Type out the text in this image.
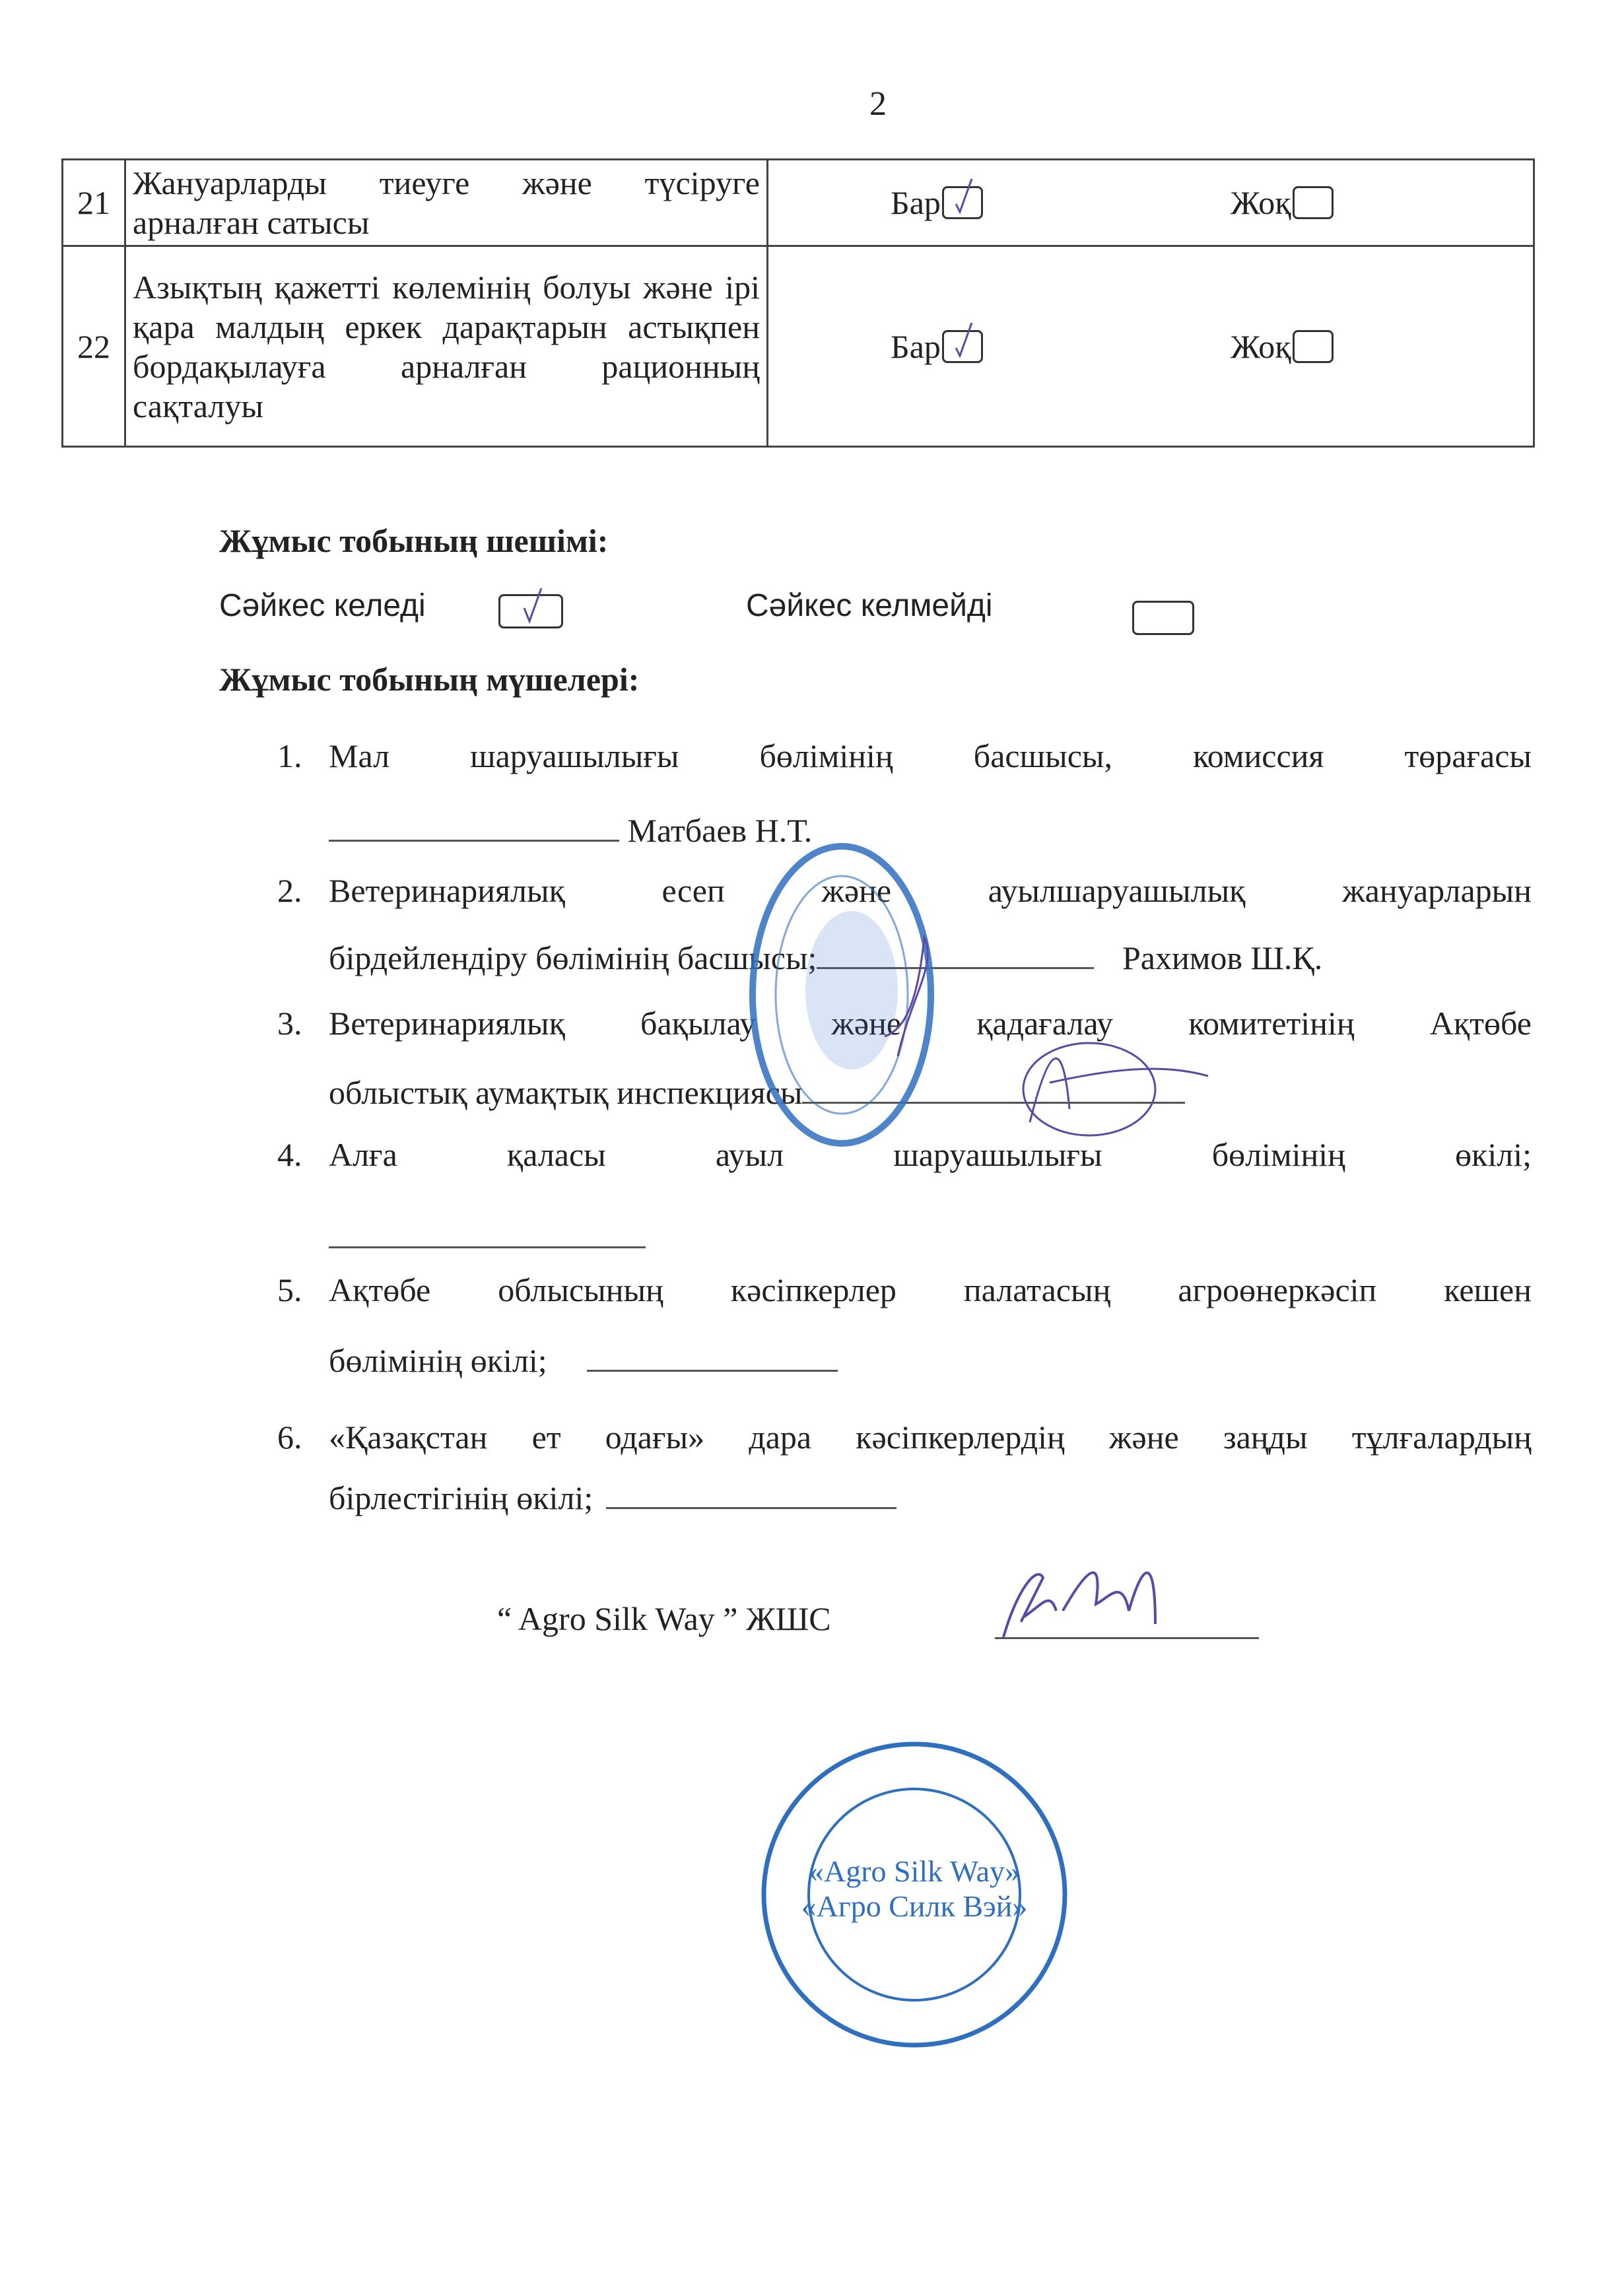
2
21	Жануарларды тиеуге және түсіруге арналған сатысы	Бар Жоқ

22	Азықтың қажетті көлемінің болуы және ірі қара малдың еркек дарақтарын астықпен бордақылауға арналған рационның сақталуы	Бар Жоқ
Жұмыс тобының шешімі:
Сәйкес келеді
	Сәйкес келмейді
Жұмыс тобының мүшелері:
1. Мал шаруашылығы бөлімінің басшысы, комиссия төрағасы
Матбаев Н.Т.
2. Ветеринариялық есеп және ауылшаруашылық жануарларын
бірдейлендіру бөлімінің басшысы;	Рахимов Ш.Қ.
3. Ветеринариялық бақылау және қадағалау комитетінің Ақтөбе
облыстық аумақтық инспекциясы
4. Алға қаласы ауыл шаруашылығы бөлімінің өкілі;
5. Ақтөбе облысының кәсіпкерлер палатасың агроөнеркәсіп кешен
бөлімінің өкілі;
6. «Қазақстан ет одағы» дара кәсіпкерлердің және заңды тұлғалардың
бірлестігінің өкілі;
“ Agro Silk Way ” ЖШС
«Agro Silk Way»
«Агро Силк Вэй»
